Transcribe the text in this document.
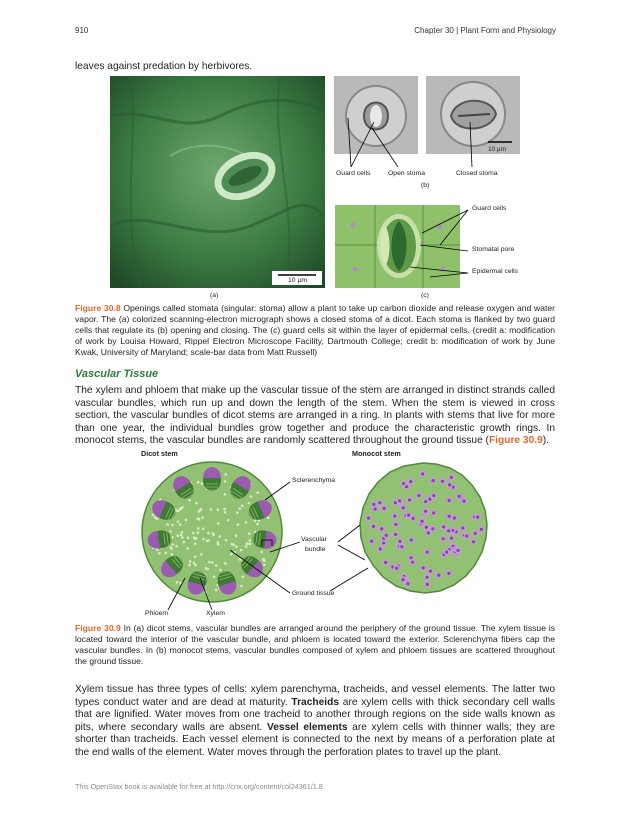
910	Chapter 30 | Plant Form and Physiology
leaves against predation by herbivores.
10 µm
(a)
10 µm
Guard cells	Open stoma	Closed stoma
(b)
Guard cells
Stomatal pore
Epidermal cells
(c)
Figure 30.8 Openings called stomata (singular: stoma) allow a plant to take up carbon dioxide and release oxygen and water vapor. The (a) colorized scanning-electron micrograph shows a closed stoma of a dicot. Each stoma is flanked by two guard cells that regulate its (b) opening and closing. The (c) guard cells sit within the layer of epidermal cells. (credit a: modification of work by Louisa Howard, Rippel Electron Microscope Facility, Dartmouth College; credit b: modification of work by June Kwak, University of Maryland; scale-bar data from Matt Russell)
Vascular Tissue
The xylem and phloem that make up the vascular tissue of the stem are arranged in distinct strands called vascular bundles, which run up and down the length of the stem. When the stem is viewed in cross section, the vascular bundles of dicot stems are arranged in a ring. In plants with stems that live for more than one year, the individual bundles grow together and produce the characteristic growth rings. In monocot stems, the vascular bundles are randomly scattered throughout the ground tissue (Figure 30.9).
Dicot stem	Monocot stem
Sclerenchyma
Vascular
bundle
Ground tissue
Phloem	Xylem
Figure 30.9 In (a) dicot stems, vascular bundles are arranged around the periphery of the ground tissue. The xylem tissue is located toward the interior of the vascular bundle, and phloem is located toward the exterior. Sclerenchyma fibers cap the vascular bundles. In (b) monocot stems, vascular bundles composed of xylem and phloem tissues are scattered throughout the ground tissue.
Xylem tissue has three types of cells: xylem parenchyma, tracheids, and vessel elements. The latter two types conduct water and are dead at maturity. Tracheids are xylem cells with thick secondary cell walls that are lignified. Water moves from one tracheid to another through regions on the side walls known as pits, where secondary walls are absent. Vessel elements are xylem cells with thinner walls; they are shorter than tracheids. Each vessel element is connected to the next by means of a perforation plate at the end walls of the element. Water moves through the perforation plates to travel up the plant.
This OpenStax book is available for free at http://cnx.org/content/col24361/1.8
